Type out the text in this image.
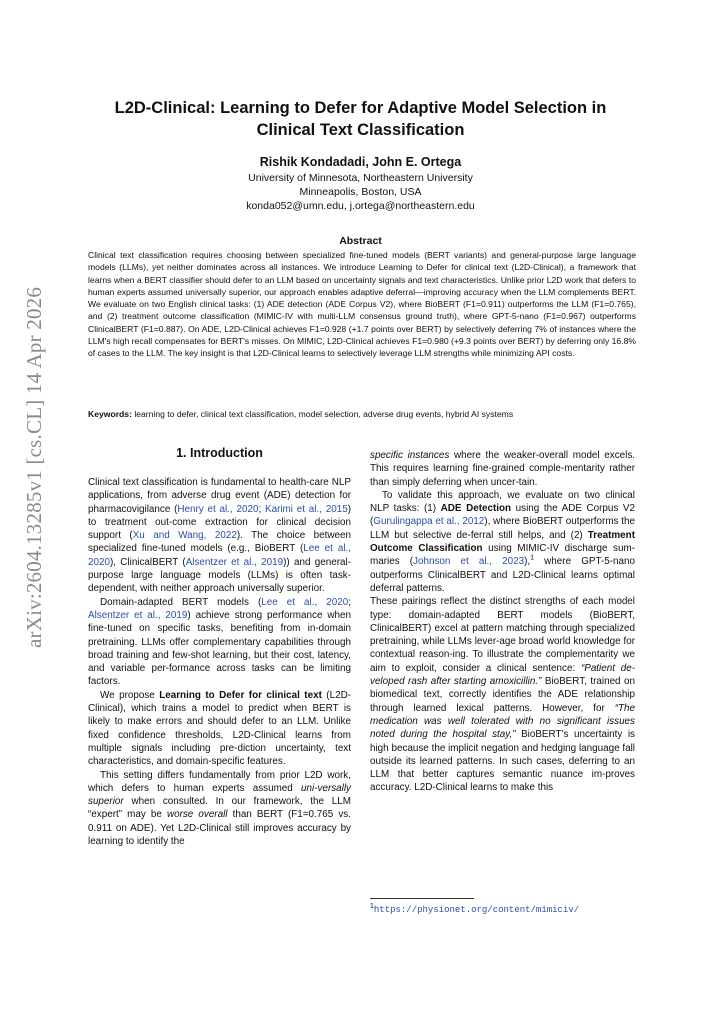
arXiv:2604.13285v1 [cs.CL] 14 Apr 2026
L2D-Clinical: Learning to Defer for Adaptive Model Selection in
Clinical Text Classification
Rishik Kondadadi, John E. Ortega
University of Minnesota, Northeastern University
Minneapolis, Boston, USA
konda052@umn.edu, j.ortega@northeastern.edu
Abstract
Clinical text classification requires choosing between specialized fine-tuned models (BERT variants) and general-purpose large language models (LLMs), yet neither dominates across all instances. We introduce Learning to Defer for clinical text (L2D-Clinical), a framework that learns when a BERT classifier should defer to an LLM based on uncertainty signals and text characteristics. Unlike prior L2D work that defers to human experts assumed universally superior, our approach enables adaptive deferral—improving accuracy when the LLM complements BERT. We evaluate on two English clinical tasks: (1) ADE detection (ADE Corpus V2), where BioBERT (F1=0.911) outperforms the LLM (F1=0.765), and (2) treatment outcome classification (MIMIC-IV with multi-LLM consensus ground truth), where GPT-5-nano (F1=0.967) outperforms ClinicalBERT (F1=0.887). On ADE, L2D-Clinical achieves F1=0.928 (+1.7 points over BERT) by selectively deferring 7% of instances where the LLM's high recall compensates for BERT's misses. On MIMIC, L2D-Clinical achieves F1=0.980 (+9.3 points over BERT) by deferring only 16.8% of cases to the LLM. The key insight is that L2D-Clinical learns to selectively leverage LLM strengths while minimizing API costs.
Keywords: learning to defer, clinical text classification, model selection, adverse drug events, hybrid AI systems
1. Introduction

Clinical text classification is fundamental to health-care NLP applications, from adverse drug event (ADE) detection for pharmacovigilance (Henry et al., 2020; Karimi et al., 2015) to treatment out-come extraction for clinical decision support (Xu and Wang, 2022). The choice between specialized fine-tuned models (e.g., BioBERT (Lee et al., 2020), ClinicalBERT (Alsentzer et al., 2019)) and general-purpose large language models (LLMs) is often task-dependent, with neither approach universally superior.

Domain-adapted BERT models (Lee et al., 2020; Alsentzer et al., 2019) achieve strong performance when fine-tuned on specific tasks, benefiting from in-domain pretraining. LLMs offer complementary capabilities through broad training and few-shot learning, but their cost, latency, and variable per-formance across tasks can be limiting factors.

We propose Learning to Defer for clinical text (L2D-Clinical), which trains a model to predict when BERT is likely to make errors and should defer to an LLM. Unlike fixed confidence thresholds, L2D-Clinical learns from multiple signals including pre-diction uncertainty, text characteristics, and domain-specific features.

This setting differs fundamentally from prior L2D work, which defers to human experts assumed uni-versally superior when consulted. In our framework, the LLM “expert” may be worse overall than BERT (F1=0.765 vs. 0.911 on ADE). Yet L2D-Clinical still improves accuracy by learning to identify the

specific instances where the weaker-overall model excels. This requires learning fine-grained comple-mentarity rather than simply deferring when uncer-tain.

To validate this approach, we evaluate on two clinical NLP tasks: (1) ADE Detection using the ADE Corpus V2 (Gurulingappa et al., 2012), where BioBERT outperforms the LLM but selective de-ferral still helps, and (2) Treatment Outcome Classification using MIMIC-IV discharge sum-maries (Johnson et al., 2023),$^1$ where GPT-5-nano outperforms ClinicalBERT and L2D-Clinical learns optimal deferral patterns.

These pairings reflect the distinct strengths of each model type: domain-adapted BERT models (BioBERT, ClinicalBERT) excel at pattern matching through specialized pretraining, while LLMs lever-age broad world knowledge for contextual reason-ing. To illustrate the complementarity we aim to exploit, consider a clinical sentence: “Patient de-veloped rash after starting amoxicillin.” BioBERT, trained on biomedical text, correctly identifies the ADE relationship through learned lexical patterns. However, for “The medication was well tolerated with no significant issues noted during the hospital stay,” BioBERT’s uncertainty is high because the implicit negation and hedging language fall outside its learned patterns. In such cases, deferring to an LLM that better captures semantic nuance im-proves accuracy. L2D-Clinical learns to make this

$^1$https://physionet.org/content/mimiciv/
